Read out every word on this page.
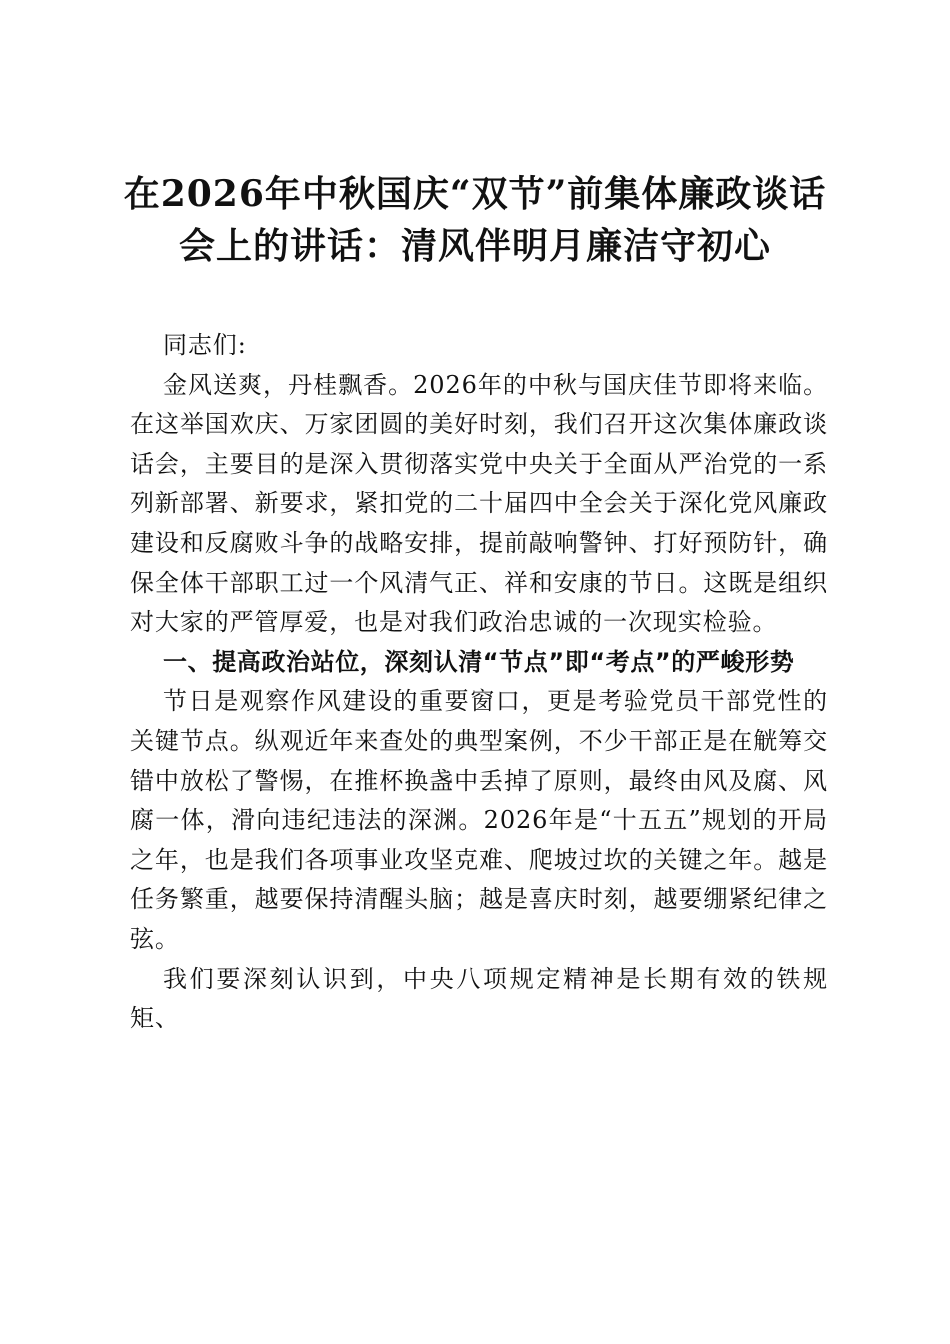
在2026年中秋国庆“双节”前集体廉政谈话
会上的讲话：清风伴明月廉洁守初心

同志们:

金风送爽，丹桂飘香。2026年的中秋与国庆佳节即将来临。在这举国欢庆、万家团圆的美好时刻，我们召开这次集体廉政谈话会，主要目的是深入贯彻落实党中央关于全面从严治党的一系列新部署、新要求，紧扣党的二十届四中全会关于深化党风廉政建设和反腐败斗争的战略安排，提前敲响警钟、打好预防针，确保全体干部职工过一个风清气正、祥和安康的节日。这既是组织对大家的严管厚爱，也是对我们政治忠诚的一次现实检验。

一、提高政治站位，深刻认清“节点”即“考点”的严峻形势

节日是观察作风建设的重要窗口，更是考验党员干部党性的关键节点。纵观近年来查处的典型案例，不少干部正是在觥筹交错中放松了警惕，在推杯换盏中丢掉了原则，最终由风及腐、风腐一体，滑向违纪违法的深渊。2026年是“十五五”规划的开局之年，也是我们各项事业攻坚克难、爬坡过坎的关键之年。越是任务繁重，越要保持清醒头脑；越是喜庆时刻，越要绷紧纪律之弦。

我们要深刻认识到，中央八项规定精神是长期有效的铁规矩、
